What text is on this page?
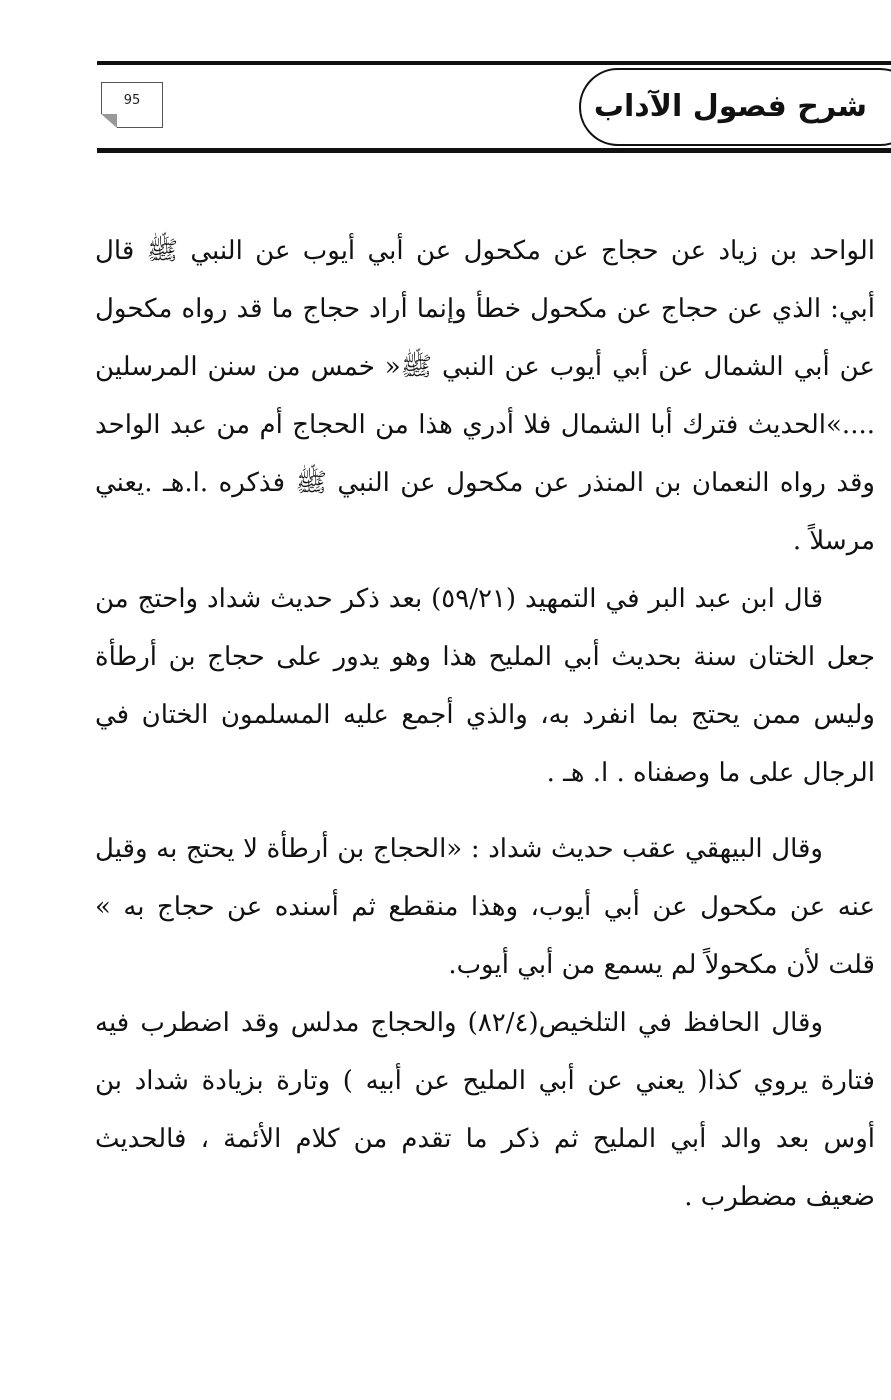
شرح فصول الآداب
95

الواحد بن زياد عن حجاج عن مكحول عن أبي أيوب عن النبي ﷺ قال أبي: الذي عن حجاج عن مكحول خطأ وإنما أراد حجاج ما قد رواه مكحول عن أبي الشمال عن أبي أيوب عن النبي ﷺ« خمس من سنن المرسلين ....»الحديث فترك أبا الشمال فلا أدري هذا من الحجاج أم من عبد الواحد وقد رواه النعمان بن المنذر عن مكحول عن النبي ﷺ فذكره .ا.هـ .يعني مرسلاً .

قال ابن عبد البر في التمهيد (٥٩/٢١) بعد ذكر حديث شداد واحتج من جعل الختان سنة بحديث أبي المليح هذا وهو يدور على حجاج بن أرطأة وليس ممن يحتج بما انفرد به، والذي أجمع عليه المسلمون الختان في الرجال على ما وصفناه . ا. هـ .

وقال البيهقي عقب حديث شداد : «الحجاج بن أرطأة لا يحتج به وقيل عنه عن مكحول عن أبي أيوب، وهذا منقطع ثم أسنده عن حجاج به » قلت لأن مكحولاً لم يسمع من أبي أيوب.

وقال الحافظ في التلخيص(٨٢/٤) والحجاج مدلس وقد اضطرب فيه فتارة يروي كذا( يعني عن أبي المليح عن أبيه ) وتارة بزيادة شداد بن أوس بعد والد أبي المليح ثم ذكر ما تقدم من كلام الأئمة ، فالحديث ضعيف مضطرب .
